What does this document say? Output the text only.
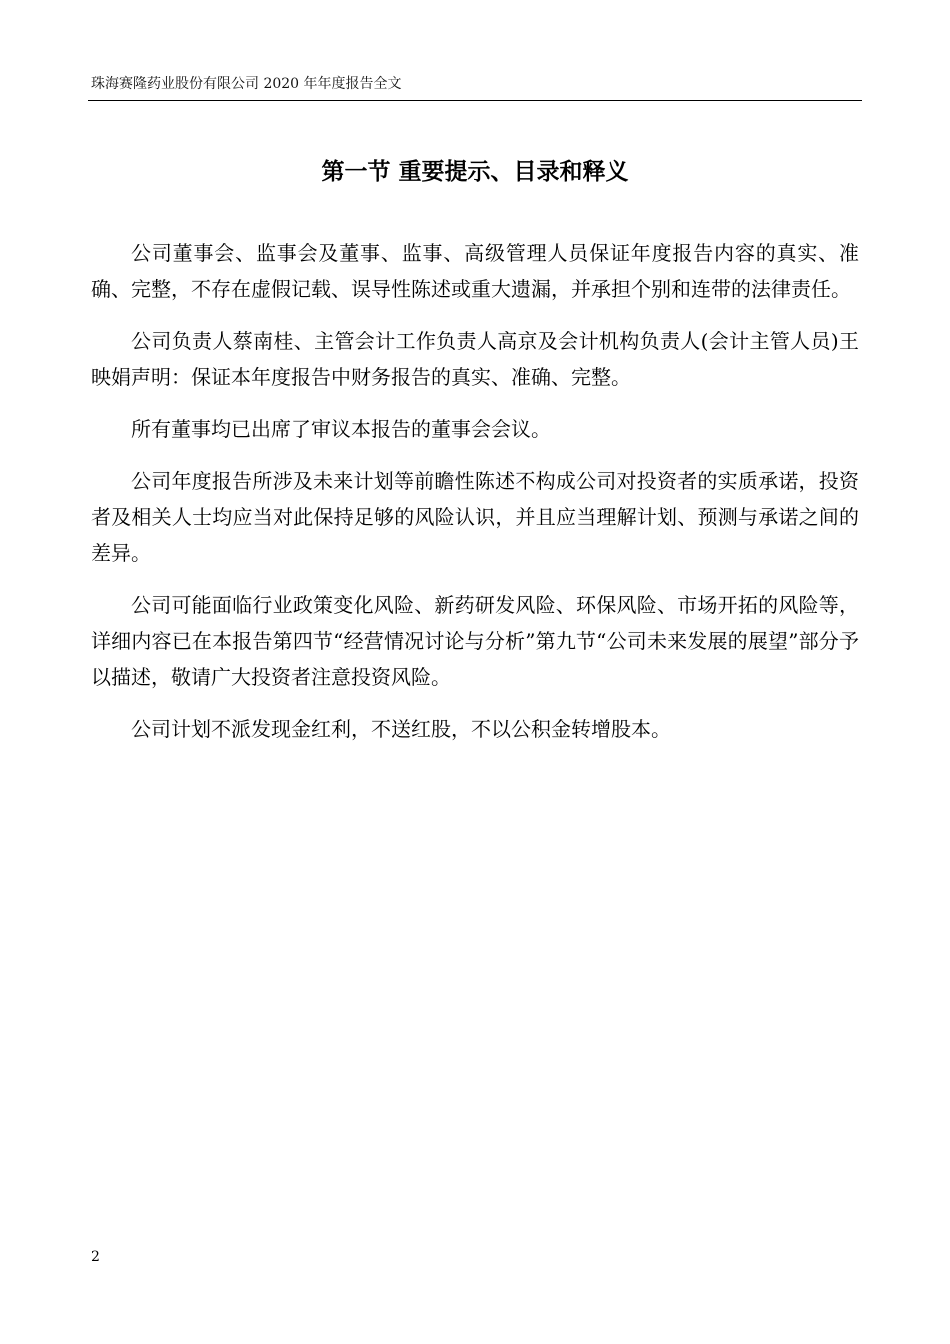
珠海赛隆药业股份有限公司 2020 年年度报告全文
第一节 重要提示、目录和释义

公司董事会、监事会及董事、监事、高级管理人员保证年度报告内容的真实、准确、完整，不存在虚假记载、误导性陈述或重大遗漏，并承担个别和连带的法律责任。

公司负责人蔡南桂、主管会计工作负责人高京及会计机构负责人(会计主管人员)王映娟声明：保证本年度报告中财务报告的真实、准确、完整。

所有董事均已出席了审议本报告的董事会会议。

公司年度报告所涉及未来计划等前瞻性陈述不构成公司对投资者的实质承诺，投资者及相关人士均应当对此保持足够的风险认识，并且应当理解计划、预测与承诺之间的差异。

公司可能面临行业政策变化风险、新药研发风险、环保风险、市场开拓的风险等，详细内容已在本报告第四节“经营情况讨论与分析”第九节“公司未来发展的展望”部分予以描述，敬请广大投资者注意投资风险。

公司计划不派发现金红利，不送红股，不以公积金转增股本。

2
